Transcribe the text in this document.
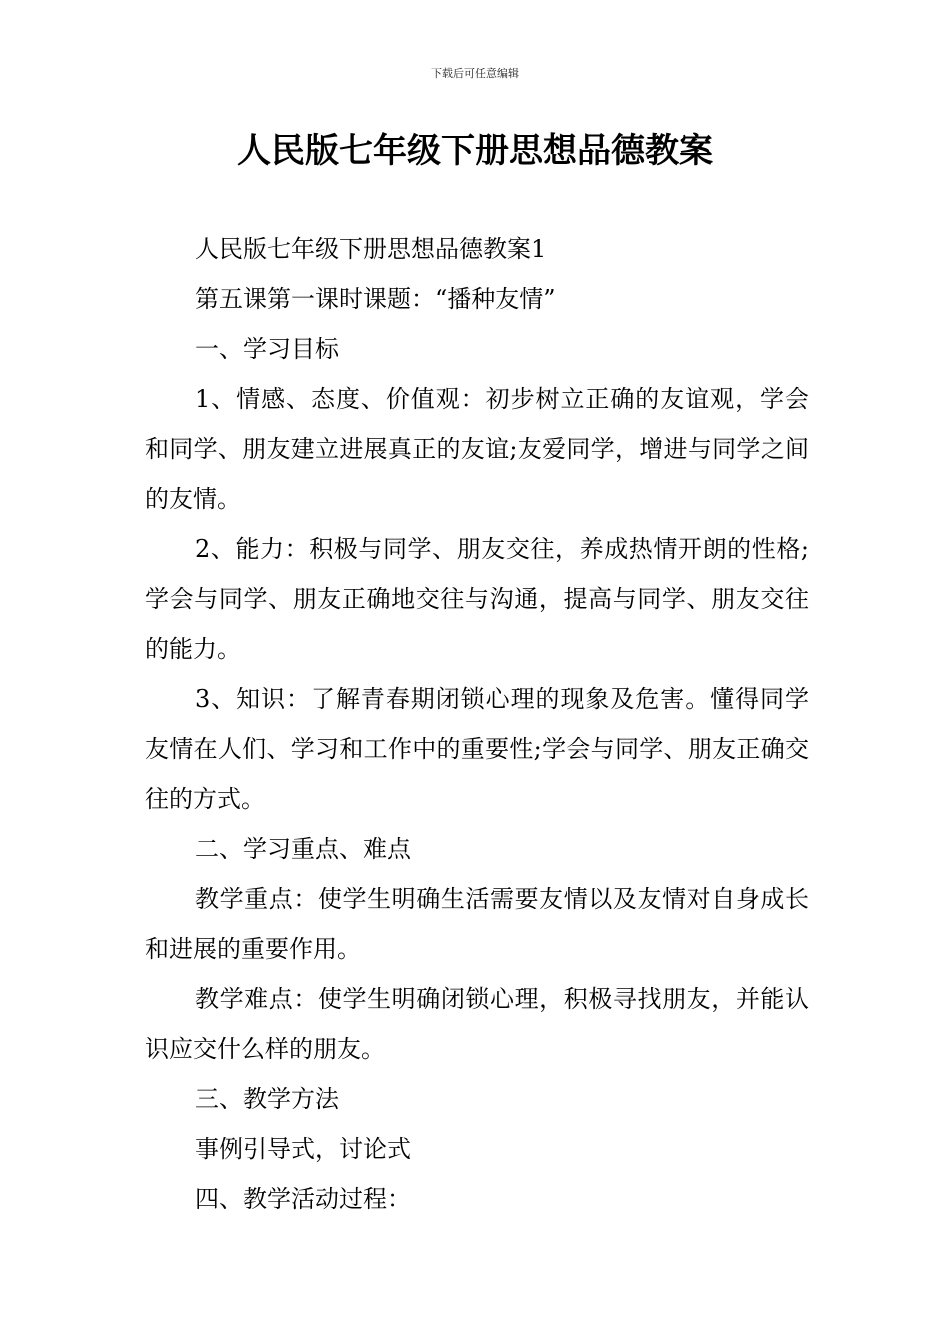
下载后可任意编辑
人民版七年级下册思想品德教案

人民版七年级下册思想品德教案1

第五课第一课时课题：“播种友情”

一、学习目标

1、情感、态度、价值观：初步树立正确的友谊观，学会和同学、朋友建立进展真正的友谊;友爱同学，增进与同学之间的友情。

2、能力：积极与同学、朋友交往，养成热情开朗的性格;学会与同学、朋友正确地交往与沟通，提高与同学、朋友交往的能力。

3、知识：了解青春期闭锁心理的现象及危害。懂得同学友情在人们、学习和工作中的重要性;学会与同学、朋友正确交往的方式。

二、学习重点、难点

教学重点：使学生明确生活需要友情以及友情对自身成长和进展的重要作用。

教学难点：使学生明确闭锁心理，积极寻找朋友，并能认识应交什么样的朋友。

三、教学方法

事例引导式，讨论式

四、教学活动过程：
